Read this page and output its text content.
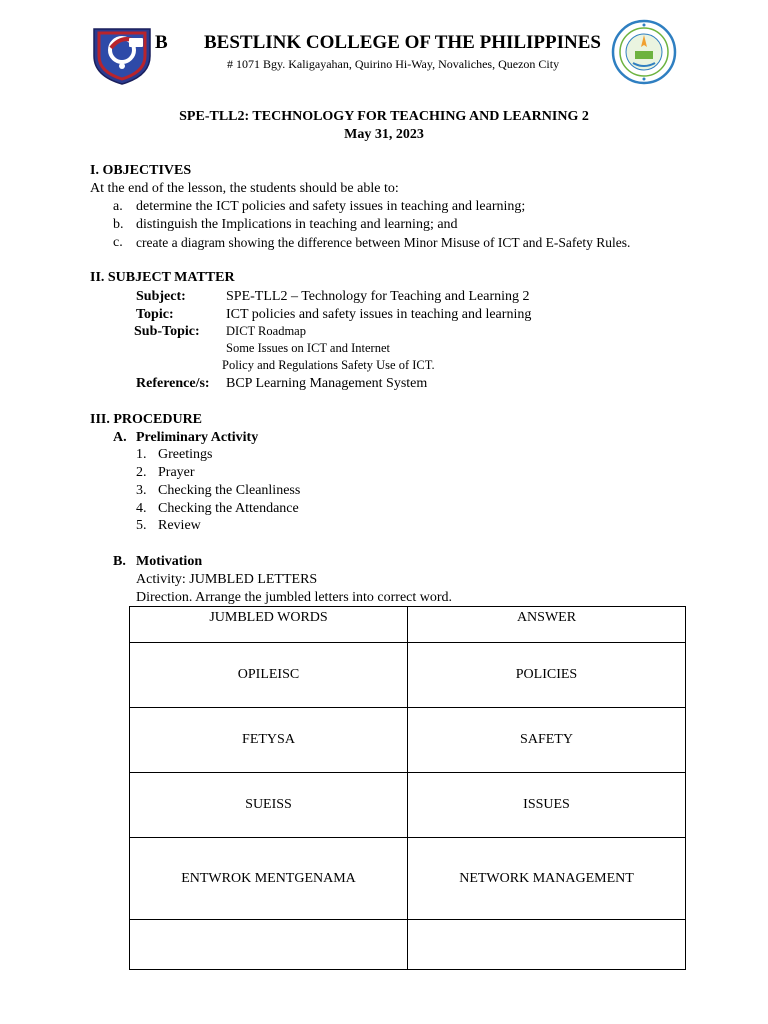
B BESTLINK COLLEGE OF THE PHILIPPINES
# 1071 Bgy. Kaligayahan, Quirino Hi-Way, Novaliches, Quezon City
SPE-TLL2: TECHNOLOGY FOR TEACHING AND LEARNING 2
May 31, 2023
I. OBJECTIVES
At the end of the lesson, the students should be able to:
a. determine the ICT policies and safety issues in teaching and learning;
b. distinguish the Implications in teaching and learning; and
c. create a diagram showing the difference between Minor Misuse of ICT and E-Safety Rules.
II. SUBJECT MATTER
Subject:	SPE-TLL2 – Technology for Teaching and Learning 2
Topic:	ICT policies and safety issues in teaching and learning
Sub-Topic: DICT Roadmap
Some Issues on ICT and Internet
Policy and Regulations Safety Use of ICT.
Reference/s: BCP Learning Management System
III. PROCEDURE
A. Preliminary Activity
1. Greetings
2. Prayer
3. Checking the Cleanliness
4. Checking the Attendance
5. Review
B. Motivation
Activity: JUMBLED LETTERS
Direction. Arrange the jumbled letters into correct word.
JUMBLED WORDS	ANSWER
OPILEISC	POLICIES
FETYSA	SAFETY
SUEISS	ISSUES
ENTWROK MENTGENAMA	NETWORK MANAGEMENT
